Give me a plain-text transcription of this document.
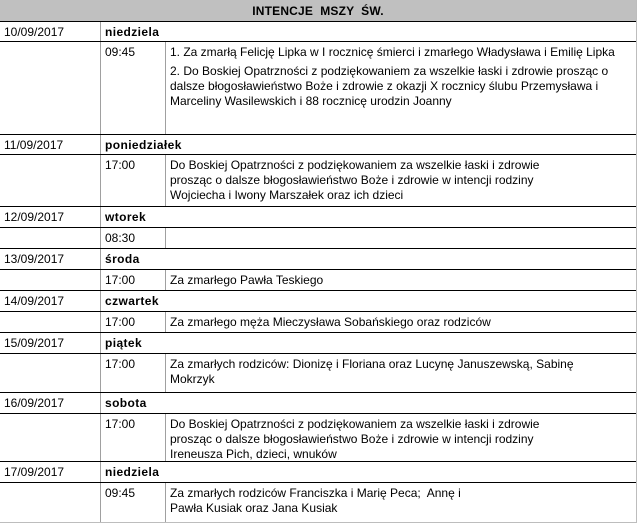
INTENCJE  MSZY  ŚW.
10/09/2017	niedziela
09:45	1. Za zmarłą Felicję Lipka w I rocznicę śmierci i zmarłego Władysława i Emilię Lipka

2. Do Boskiej Opatrzności z podziękowaniem za wszelkie łaski i zdrowie prosząc o dalsze błogosławieństwo Boże i zdrowie z okazji X rocznicy ślubu Przemysława i Marceliny Wasilewskich i 88 rocznicę urodzin Joanny

11/09/2017	poniedziałek
17:00	Do Boskiej Opatrzności z podziękowaniem za wszelkie łaski i zdrowie prosząc o dalsze błogosławieństwo Boże i zdrowie w intencji rodziny Wojciecha i Iwony Marszałek oraz ich dzieci

12/09/2017	wtorek
08:30

13/09/2017	środa
17:00	Za zmarłego Pawła Teskiego

14/09/2017	czwartek
17:00	Za zmarłego męża Mieczysława Sobańskiego oraz rodziców

15/09/2017	piątek
17:00	Za zmarłych rodziców: Dionizę i Floriana oraz Lucynę Januszewską, Sabinę Mokrzyk

16/09/2017	sobota
17:00	Do Boskiej Opatrzności z podziękowaniem za wszelkie łaski i zdrowie prosząc o dalsze błogosławieństwo Boże i zdrowie w intencji rodziny Ireneusza Pich, dzieci, wnuków

17/09/2017	niedziela
09:45	Za zmarłych rodziców Franciszka i Marię Peca;  Annę i Pawła Kusiak oraz Jana Kusiak
